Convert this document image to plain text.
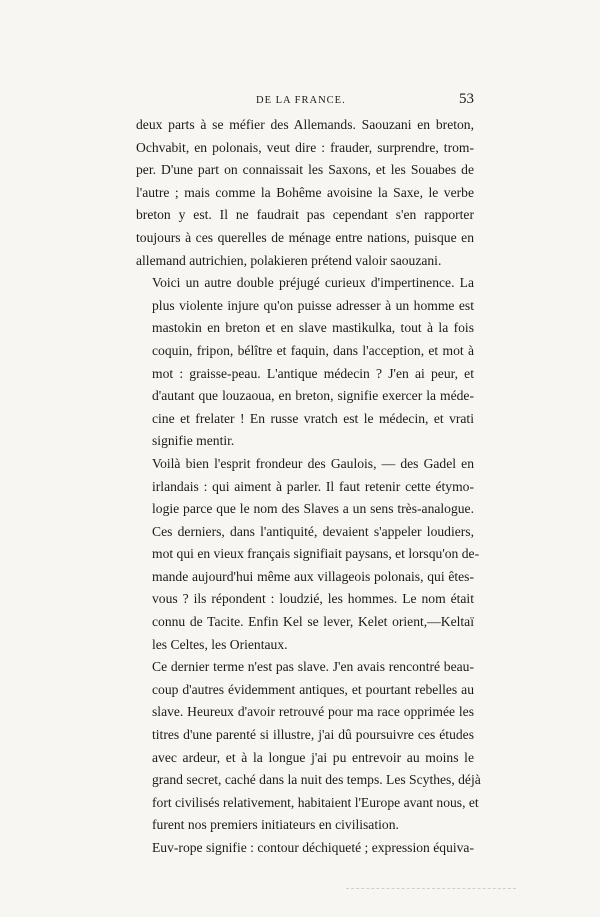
DE LA FRANCE.	53

deux parts à se méfier des Allemands. Saouzani en breton,
Ochvabit, en polonais, veut dire : frauder, surprendre, trom-
per. D'une part on connaissait les Saxons, et les Souabes de
l'autre ; mais comme la Bohême avoisine la Saxe, le verbe
breton y est. Il ne faudrait pas cependant s'en rapporter
toujours à ces querelles de ménage entre nations, puisque en
allemand autrichien, polakieren prétend valoir saouzani.

Voici un autre double préjugé curieux d'impertinence. La
plus violente injure qu'on puisse adresser à un homme est
mastokin en breton et en slave mastikulka, tout à la fois
coquin, fripon, bélître et faquin, dans l'acception, et mot à
mot : graisse-peau. L'antique médecin ? J'en ai peur, et
d'autant que louzaoua, en breton, signifie exercer la méde-
cine et frelater ! En russe vratch est le médecin, et vrati
signifie mentir.

Voilà bien l'esprit frondeur des Gaulois, — des Gadel en
irlandais : qui aiment à parler. Il faut retenir cette étymo-
logie parce que le nom des Slaves a un sens très-analogue.
Ces derniers, dans l'antiquité, devaient s'appeler loudiers,
mot qui en vieux français signifiait paysans, et lorsqu'on de-
mande aujourd'hui même aux villageois polonais, qui êtes-
vous ? ils répondent : loudzié, les hommes. Le nom était
connu de Tacite. Enfin Kel se lever, Kelet orient,—Keltaï
les Celtes, les Orientaux.

Ce dernier terme n'est pas slave. J'en avais rencontré beau-
coup d'autres évidemment antiques, et pourtant rebelles au
slave. Heureux d'avoir retrouvé pour ma race opprimée les
titres d'une parenté si illustre, j'ai dû poursuivre ces études
avec ardeur, et à la longue j'ai pu entrevoir au moins le
grand secret, caché dans la nuit des temps. Les Scythes, déjà
fort civilisés relativement, habitaient l'Europe avant nous, et
furent nos premiers initiateurs en civilisation.

Euv-rope signifie : contour déchiqueté ; expression équiva-
